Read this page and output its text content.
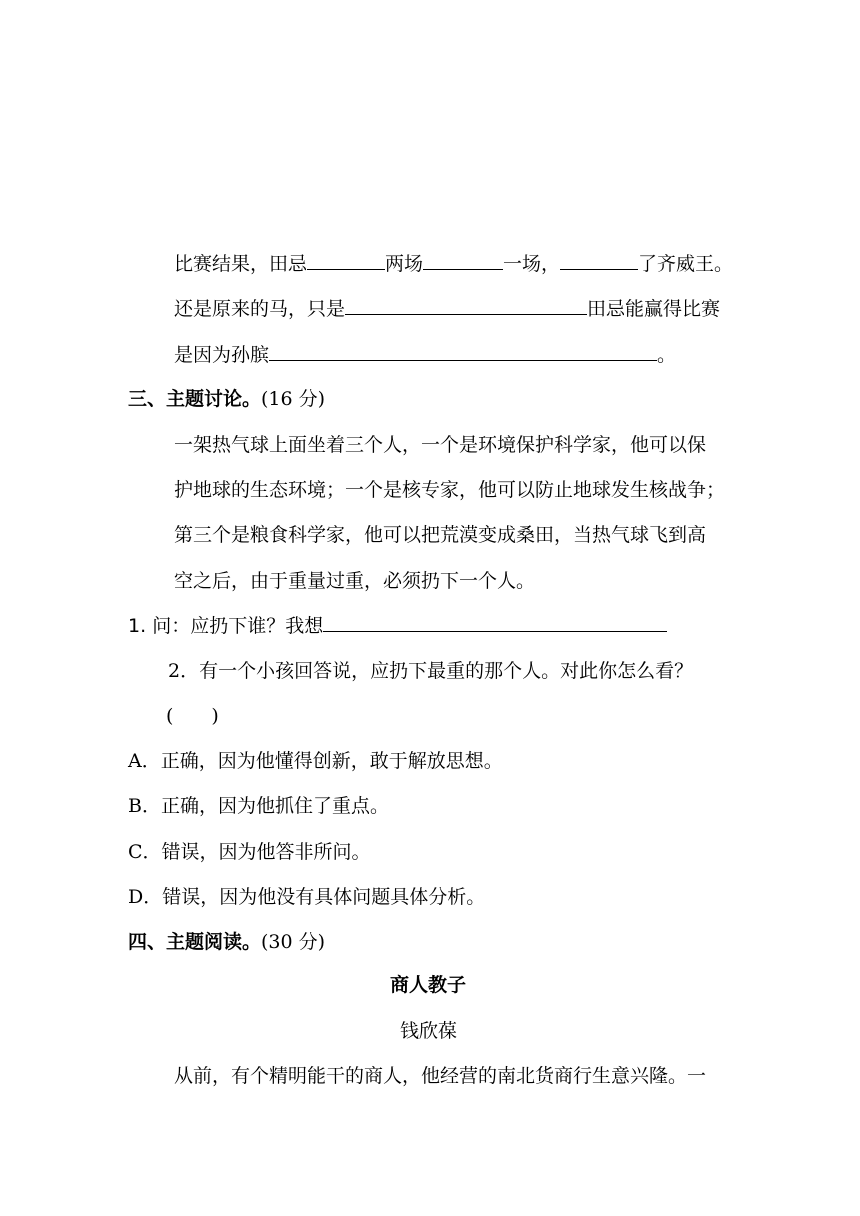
比赛结果，田忌	两场	一场，	了齐威王。
还是原来的马，只是	田忌能赢得比赛
是因为孙膑	。
三、主题讨论。(16 分)
一架热气球上面坐着三个人，一个是环境保护科学家，他可以保
护地球的生态环境；一个是核专家，他可以防止地球发生核战争；
第三个是粮食科学家，他可以把荒漠变成桑田，当热气球飞到高
空之后，由于重量过重，必须扔下一个人。
1. 问：应扔下谁？我想
2．有一个小孩回答说，应扔下最重的那个人。对此你怎么看？
(　　)
A．正确，因为他懂得创新，敢于解放思想。
B．正确，因为他抓住了重点。
C．错误，因为他答非所问。
D．错误，因为他没有具体问题具体分析。
四、主题阅读。(30 分)
商人教子
钱欣葆
从前，有个精明能干的商人，他经营的南北货商行生意兴隆。一
